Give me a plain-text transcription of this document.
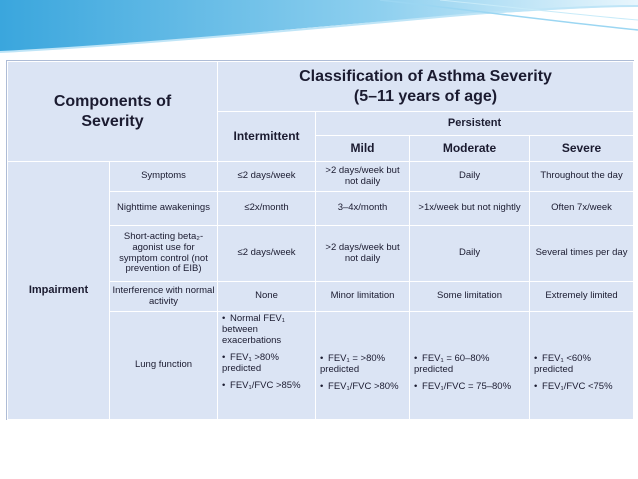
Components of
Severity		Classification of Asthma Severity
(5–11 years of age)			
		Intermittent	Persistent		
			Mild	Moderate	Severe
Impairment	Symptoms	≤2 days/week	>2 days/week but not daily	Daily	Throughout the day
	Nighttime awakenings	≤2x/month	3–4x/month	>1x/week but not nightly	Often 7x/week
	Short-acting beta₂-agonist use for symptom control (not prevention of EIB)	≤2 days/week	>2 days/week but not daily	Daily	Several times per day
	Interference with normal activity	None	Minor limitation	Some limitation	Extremely limited
	Lung function	• Normal FEV₁ between exacerbations
• FEV₁ >80% predicted
• FEV₁/FVC >85%	• FEV₁ = >80% predicted
• FEV₁/FVC >80%	• FEV₁ = 60–80% predicted
• FEV₁/FVC = 75–80%	• FEV₁ <60% predicted
• FEV₁/FVC <75%
